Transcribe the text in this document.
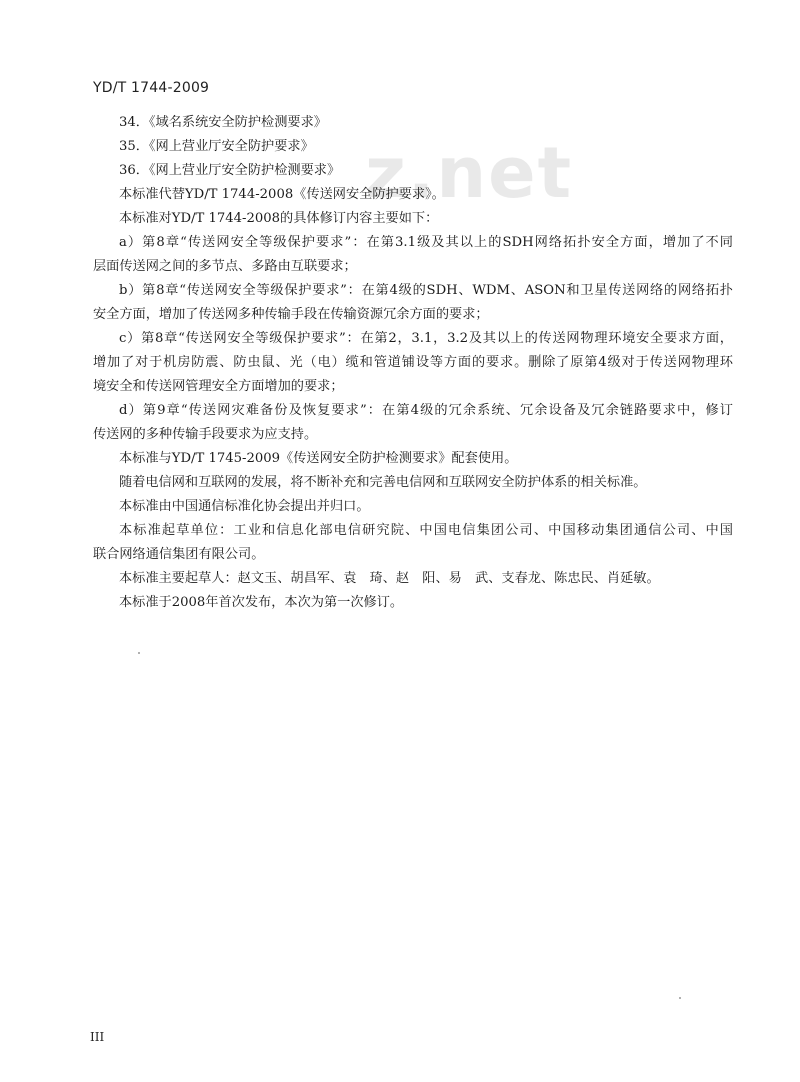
YD/T 1744-2009
z.net
34．《域名系统安全防护检测要求》
35．《网上营业厅安全防护要求》
36．《网上营业厅安全防护检测要求》
本标准代替YD/T 1744-2008《传送网安全防护要求》。
本标准对YD/T 1744-2008的具体修订内容主要如下：
a）第8章“传送网安全等级保护要求”：在第3.1级及其以上的SDH网络拓扑安全方面，增加了不同
层面传送网之间的多节点、多路由互联要求；
b）第8章“传送网安全等级保护要求”：在第4级的SDH、WDM、ASON和卫星传送网络的网络拓扑
安全方面，增加了传送网多种传输手段在传输资源冗余方面的要求；
c）第8章“传送网安全等级保护要求”：在第2，3.1，3.2及其以上的传送网物理环境安全要求方面，
增加了对于机房防震、防虫鼠、光（电）缆和管道铺设等方面的要求。删除了原第4级对于传送网物理环
境安全和传送网管理安全方面增加的要求；
d）第9章“传送网灾难备份及恢复要求”：在第4级的冗余系统、冗余设备及冗余链路要求中，修订
传送网的多种传输手段要求为应支持。
本标准与YD/T 1745-2009《传送网安全防护检测要求》配套使用。
随着电信网和互联网的发展，将不断补充和完善电信网和互联网安全防护体系的相关标准。
本标准由中国通信标准化协会提出并归口。
本标准起草单位：工业和信息化部电信研究院、中国电信集团公司、中国移动集团通信公司、中国
联合网络通信集团有限公司。
本标准主要起草人：赵文玉、胡昌军、袁　琦、赵　阳、易　武、支春龙、陈忠民、肖延敏。
本标准于2008年首次发布，本次为第一次修订。
III
